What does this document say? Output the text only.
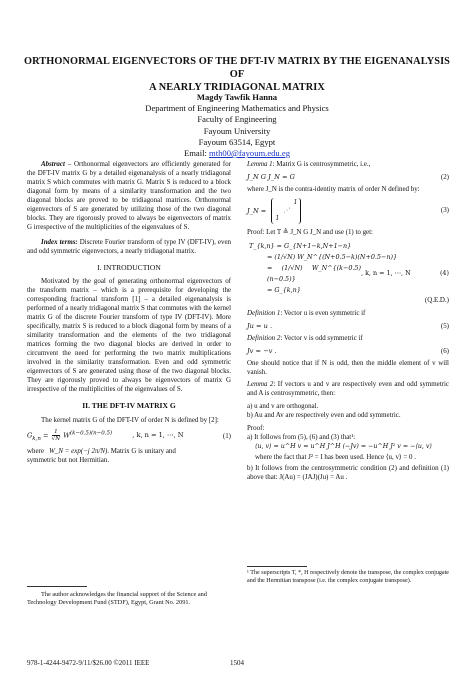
ORTHONORMAL EIGENVECTORS OF THE DFT-IV MATRIX BY THE EIGENANALYSIS OF
A NEARLY TRIDIAGONAL MATRIX
Magdy Tawfik Hanna
Department of Engineering Mathematics and Physics
Faculty of Engineering
Fayoum University
Fayoum 63514, Egypt
Email: mth00@fayoum.edu.eg

Abstract – Orthonormal eigenvectors are efficiently generated for the DFT-IV matrix G by a detailed eigenanalysis of a nearly tridiagonal matrix S which commutes with matrix G. Matrix S is reduced to a block diagonal form by means of a similarity transformation and the two diagonal blocks are proved to be tridiagonal matrices. Orthonormal eigenvectors of S are generated by utilizing those of the two diagonal blocks. They are rigorously proved to always be eigenvectors of matrix G irrespective of the multiplicities of the eigenvalues of S.

Index terms: Discrete Fourier transform of type IV (DFT-IV), even and odd symmetric eigenvectors, a nearly tridiagonal matrix.

I. INTRODUCTION

Motivated by the goal of generating orthonormal eigenvectors of the transform matrix – which is a prerequisite for developing the corresponding fractional transform [1] – a detailed eigenanalysis is performed of a nearly tridiagonal matrix S that commutes with the kernel matrix G of the discrete Fourier transform of type IV (DFT-IV). More specifically, matrix S is reduced to a block diagonal form by means of a similarity transformation and the elements of the two tridiagonal matrices forming the two diagonal blocks are derived in order to circumvent the need for performing the two matrix multiplications involved in the similarity transformation. Even and odd symmetric eigenvectors of S are generated using those of the two diagonal blocks. They are rigorously proved to always be eigenvectors of matrix G irrespective of the multiplicities of the eigenvalues of S.

II. THE DFT-IV MATRIX G

The kernel matrix G of the DFT-IV of order N is defined by [2]:

$G_{k,n} = \frac{1}{√N} W^{(k-0.5)(n-0.5)}$	, k, n = 1, ⋯, N	(1)

where W_N = exp(−j 2π/N). Matrix G is unitary and

symmetric but not Hermitian.

The author acknowledges the financial support of the Science and Technology Development Fund (STDF), Egypt, Grant No. 2091.

Lemma 1: Matrix G is centrosymmetric, i.e.,

J_N G J_N = G	(2)

where J_N is the contra-identity matrix of order N defined by:

J_N =
1
⋰
1
(3)

Proof: Let T ≜ J_N G J_N and use (1) to get:

T_{k,n} = G_{N+1−k,N+1−n}
= (1/√N) W_N^{(N+0.5−k)(N+0.5−n)}
= (1/√N) W_N^{(k−0.5)(n−0.5)}
, k, n = 1, ⋯, N	(4)
= G_{k,n}

(Q.E.D.)

Definition 1: Vector u is even symmetric if

Ju = u .	(5)

Definition 2: Vector v is odd symmetric if

Jv = −v .	(6)

One should notice that if N is odd, then the middle element of v will vanish.

Lemma 2: If vectors u and v are respectively even and odd symmetric and A is centrosymmetric, then:

a) u and v are orthogonal.

b) Au and Av are respectively even and odd symmetric.

Proof:

a) It follows from (5), (6) and (3) that¹:

⟨u, v⟩ = u^H v = u^H J^H (−Jv) = −u^H J² v = −⟨u, v⟩

where the fact that J² = I has been used. Hence ⟨u, v⟩ = 0 .

b) It follows from the centrosymmetric condition (2) and definition (1) above that: J(Au) = (JAJ)(Ju) = Au .

¹ The superscripts T, *, H respectively denote the transpose, the complex conjugate and the Hermitian transpose (i.e. the complex conjugate transpose).
978-1-4244-9472-9/11/$26.00 ©2011 IEEE	1504
